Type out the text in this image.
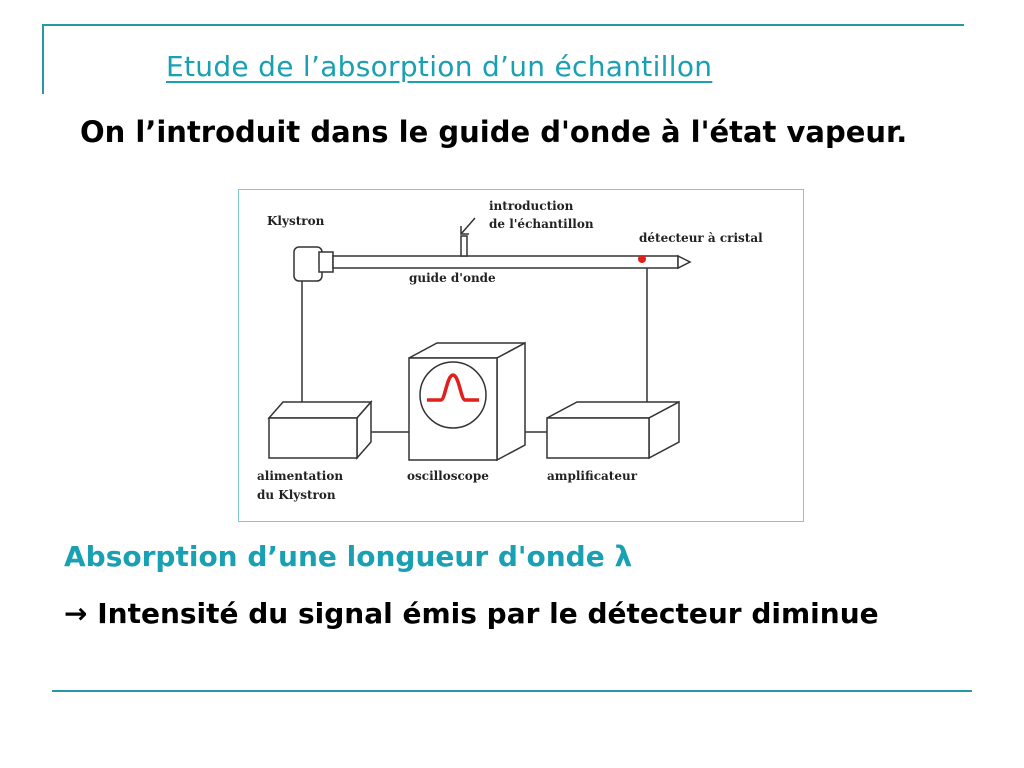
Etude de l’absorption d’un échantillon
On l’introduit dans le guide d'onde à l'état vapeur.
Klystron
introduction
de l'échantillon
détecteur à cristal
guide d'onde
alimentation
du Klystron
oscilloscope	amplificateur
Absorption d’une longueur d'onde λ
→ Intensité du signal émis par le détecteur diminue
